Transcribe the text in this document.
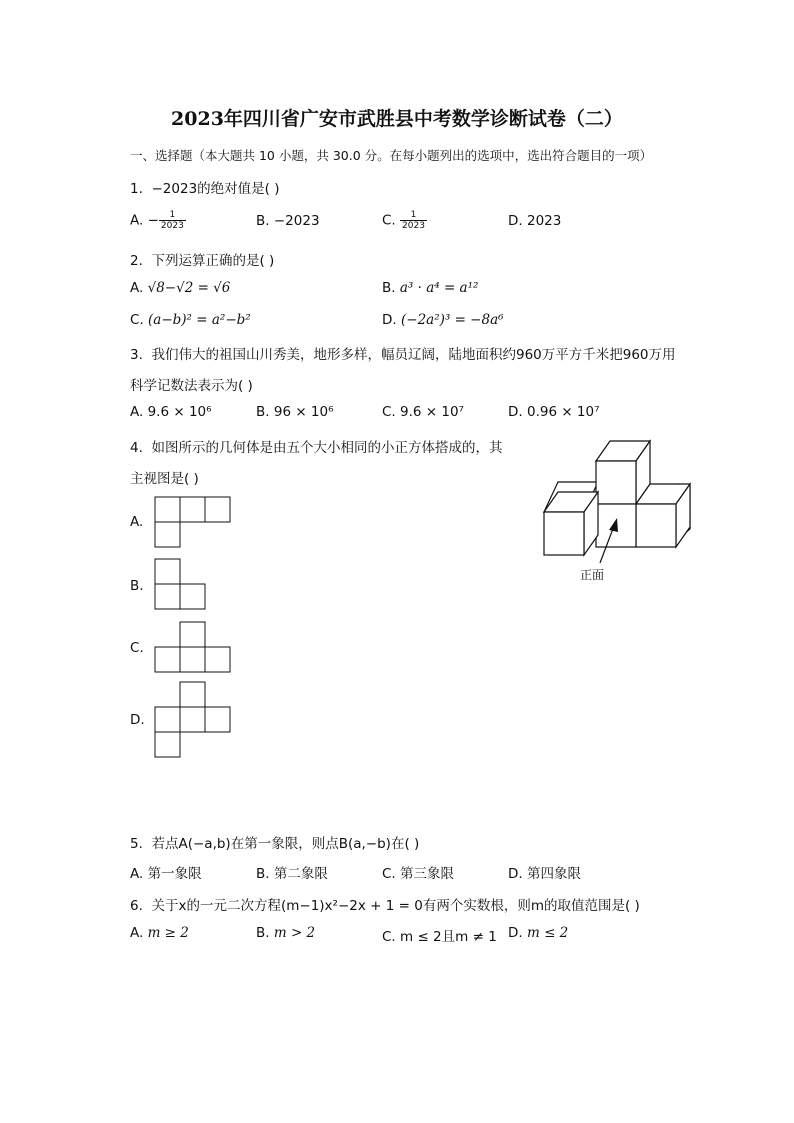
2023年四川省广安市武胜县中考数学诊断试卷（二）
一、选择题（本大题共 10 小题，共 30.0 分。在每小题列出的选项中，选出符合题目的一项）
1. −2023的绝对值是( )
A. − $\frac{1}{2023}$	B. −2023	C. $\frac{1}{2023}$	D. 2023
2. 下列运算正确的是( )
A. √8−√2 = √6	B. a³ · a⁴ = a¹²
C. (a−b)² = a²−b²	D. (−2a²)³ = −8a⁶
3. 我们伟大的祖国山川秀美，地形多样，幅员辽阔，陆地面积约960万平方千米把960万用
科学记数法表示为( )
A. 9.6 × 10⁶	B. 96 × 10⁶	C. 9.6 × 10⁷	D. 0.96 × 10⁷
4. 如图所示的几何体是由五个大小相同的小正方体搭成的，其
主视图是( )
正面
A.
B.
C.
D.
5. 若点A(−a,b)在第一象限，则点B(a,−b)在( )
A. 第一象限	B. 第二象限	C. 第三象限	D. 第四象限
6. 关于x的一元二次方程(m−1)x²−2x + 1 = 0有两个实数根，则m的取值范围是( )
A. m ≥ 2	B. m > 2	C. m ≤ 2且m ≠ 1 D. m ≤ 2
